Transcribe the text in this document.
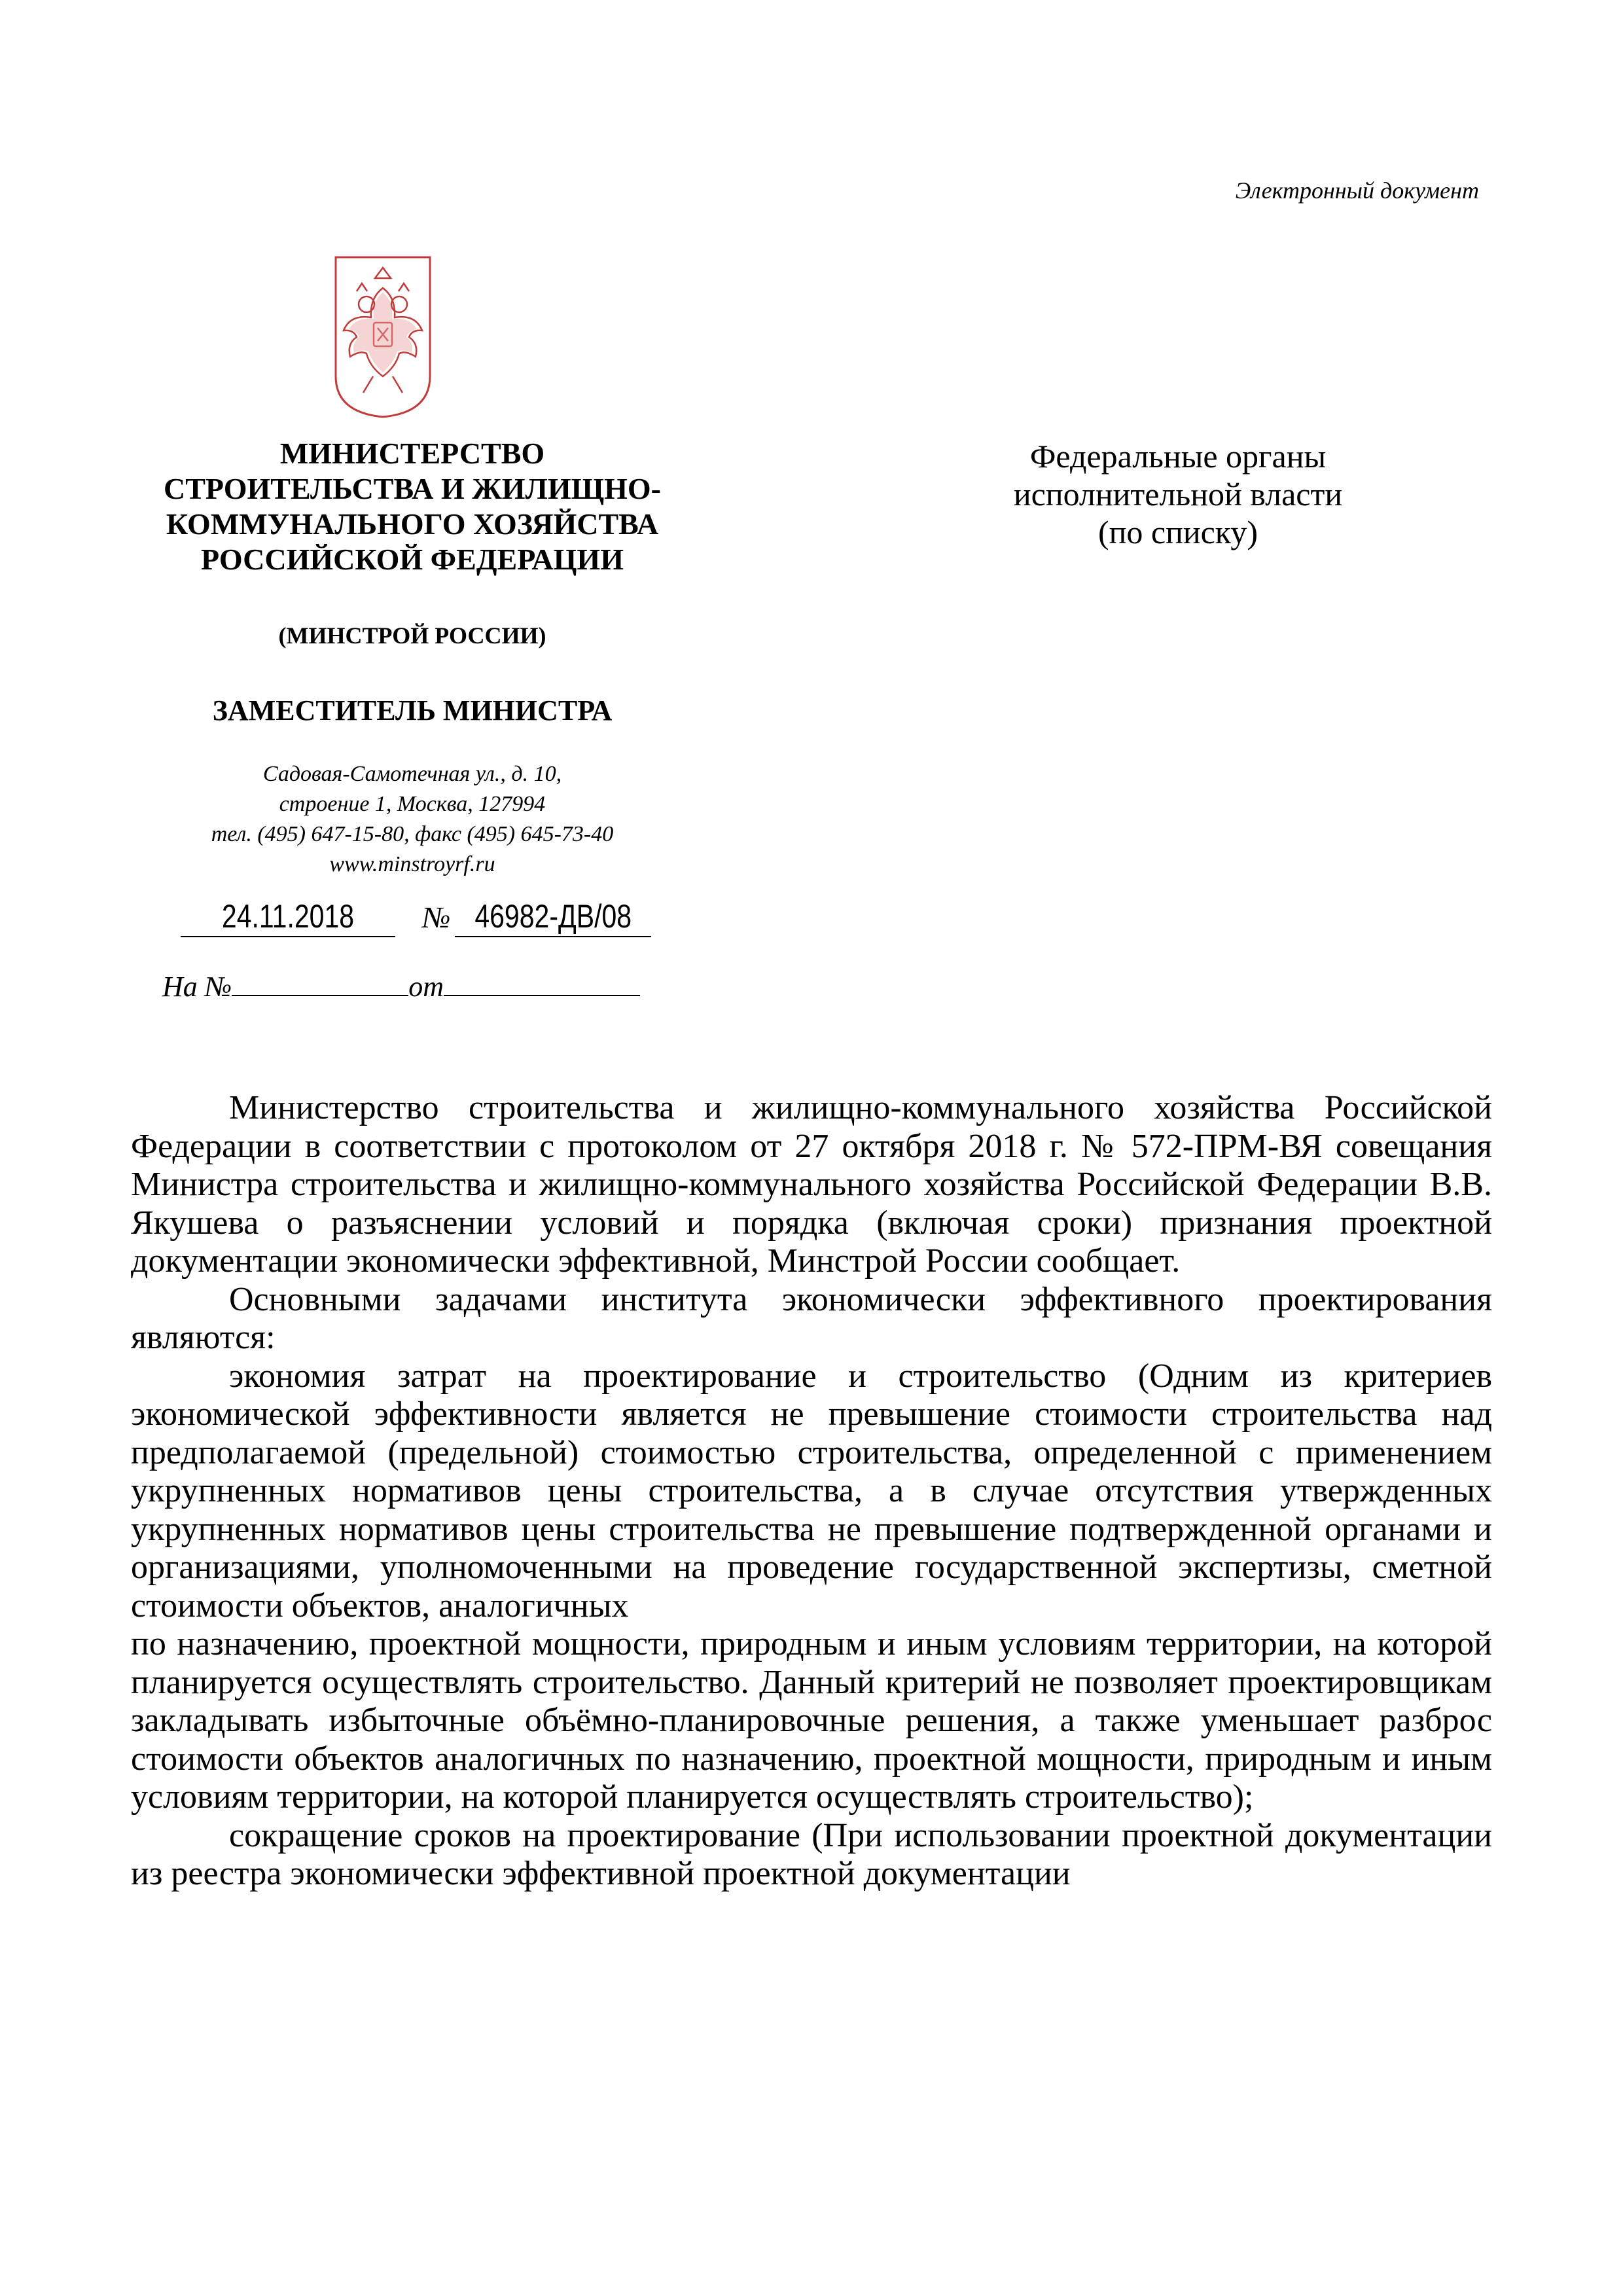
Электронный документ
МИНИСТЕРСТВО
СТРОИТЕЛЬСТВА И ЖИЛИЩНО-
КОММУНАЛЬНОГО ХОЗЯЙСТВА
РОССИЙСКОЙ ФЕДЕРАЦИИ
(МИНСТРОЙ РОССИИ)
ЗАМЕСТИТЕЛЬ МИНИСТРА
Садовая-Самотечная ул., д. 10,
строение 1, Москва, 127994
тел. (495) 647-15-80, факс (495) 645-73-40
www.minstroyrf.ru
24.11.2018	№ 46982-ДВ/08
На №	от
Федеральные органы
исполнительной власти
(по списку)

Министерство строительства и жилищно-коммунального хозяйства Российской Федерации в соответствии с протоколом от 27 октября 2018 г. № 572-ПРМ-ВЯ совещания Министра строительства и жилищно-коммунального хозяйства Российской Федерации В.В. Якушева о разъяснении условий и порядка (включая сроки) признания проектной документации экономически эффективной, Минстрой России сообщает.

Основными задачами института экономически эффективного проектирования являются:

экономия затрат на проектирование и строительство (Одним из критериев экономической эффективности является не превышение стоимости строительства над предполагаемой (предельной) стоимостью строительства, определенной с применением укрупненных нормативов цены строительства, а в случае отсутствия утвержденных укрупненных нормативов цены строительства не превышение подтвержденной органами и организациями, уполномоченными на проведение государственной экспертизы, сметной стоимости объектов, аналогичных

по назначению, проектной мощности, природным и иным условиям территории, на которой планируется осуществлять строительство. Данный критерий не позволяет проектировщикам закладывать избыточные объёмно-планировочные решения, а также уменьшает разброс стоимости объектов аналогичных по назначению, проектной мощности, природным и иным условиям территории, на которой планируется осуществлять строительство);

сокращение сроков на проектирование (При использовании проектной документации из реестра экономически эффективной проектной документации
